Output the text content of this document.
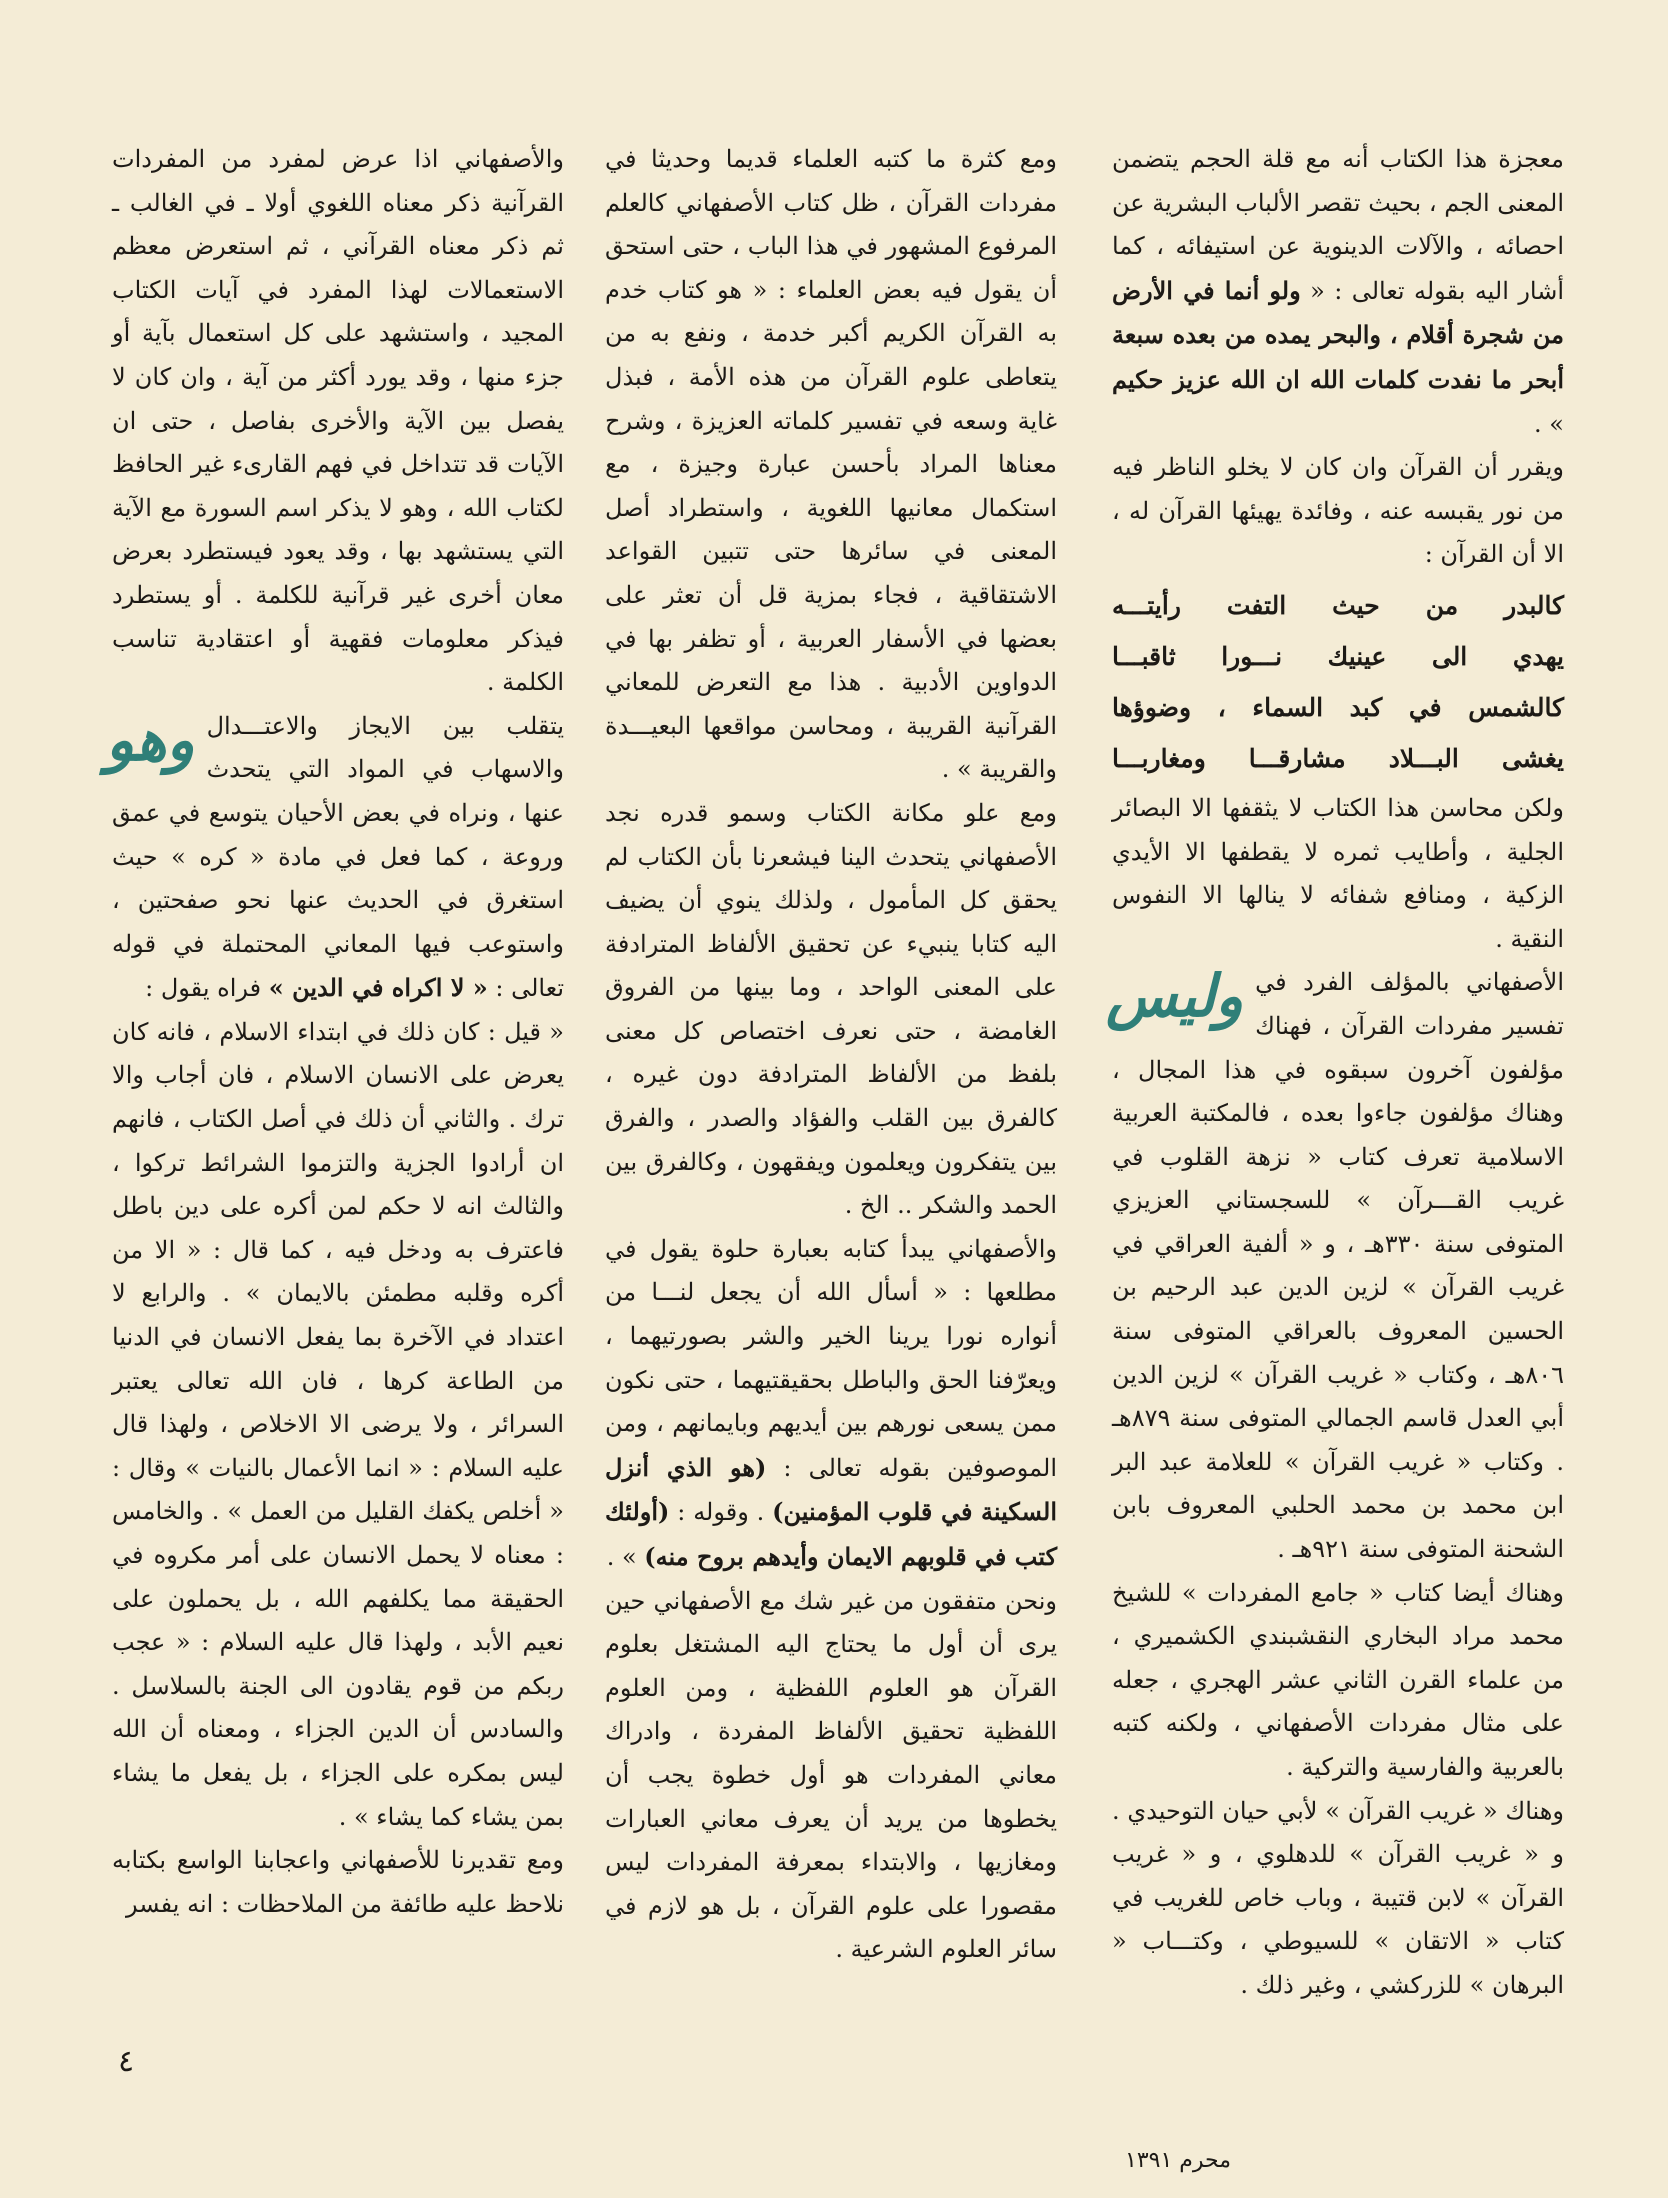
معجزة هذا الكتاب أنه مع قلة الحجم يتضمن المعنى الجم ، بحيث تقصر الألباب البشرية عن احصائه ، والآلات الدينوية عن استيفائه ، كما أشار اليه بقوله تعالى : « ولو أنما في الأرض من شجرة أقلام ، والبحر يمده من بعده سبعة أبحر ما نفدت كلمات الله ان الله عزيز حكيم » .

ويقرر أن القرآن وان كان لا يخلو الناظر فيه من نور يقبسه عنه ، وفائدة يهيئها القرآن له ، الا أن القرآن :

كالبدر من حيث التفت رأيتـــه

يهدي الى عينيك نـــورا ثاقبـــا

كالشمس في كبد السماء ، وضوؤها

يغشى البـــلاد مشارقـــا ومغاربـــا

ولكن محاسن هذا الكتاب لا يثقفها الا البصائر الجلية ، وأطايب ثمره لا يقطفها الا الأيدي الزكية ، ومنافع شفائه لا ينالها الا النفوس النقية .

وليس الأصفهاني بالمؤلف الفرد في تفسير مفردات القرآن ، فهناك مؤلفون آخرون سبقوه في هذا المجال ، وهناك مؤلفون جاءوا بعده ، فالمكتبة العربية الاسلامية تعرف كتاب « نزهة القلوب في غريب القـــرآن » للسجستاني العزيزي المتوفى سنة ٣٣٠هـ ، و « ألفية العراقي في غريب القرآن » لزين الدين عبد الرحيم بن الحسين المعروف بالعراقي المتوفى سنة ٨٠٦هـ ، وكتاب « غريب القرآن » لزين الدين أبي العدل قاسم الجمالي المتوفى سنة ٨٧٩هـ . وكتاب « غريب القرآن » للعلامة عبد البر ابن محمد بن محمد الحلبي المعروف بابن الشحنة المتوفى سنة ٩٢١هـ .

وهناك أيضا كتاب « جامع المفردات » للشيخ محمد مراد البخاري النقشبندي الكشميري ، من علماء القرن الثاني عشر الهجري ، جعله على مثال مفردات الأصفهاني ، ولكنه كتبه بالعربية والفارسية والتركية .

وهناك « غريب القرآن » لأبي حيان التوحيدي . و « غريب القرآن » للدهلوي ، و « غريب القرآن » لابن قتيبة ، وباب خاص للغريب في كتاب « الاتقان » للسيوطي ، وكتـــاب « البرهان » للزركشي ، وغير ذلك .

ومع كثرة ما كتبه العلماء قديما وحديثا في مفردات القرآن ، ظل كتاب الأصفهاني كالعلم المرفوع المشهور في هذا الباب ، حتى استحق أن يقول فيه بعض العلماء : « هو كتاب خدم به القرآن الكريم أكبر خدمة ، ونفع به من يتعاطى علوم القرآن من هذه الأمة ، فبذل غاية وسعه في تفسير كلماته العزيزة ، وشرح معناها المراد بأحسن عبارة وجيزة ، مع استكمال معانيها اللغوية ، واستطراد أصل المعنى في سائرها حتى تتبين القواعد الاشتقاقية ، فجاء بمزية قل أن تعثر على بعضها في الأسفار العربية ، أو تظفر بها في الدواوين الأدبية . هذا مع التعرض للمعاني القرآنية القريبة ، ومحاسن مواقعها البعيـــدة والقريبة » .

ومع علو مكانة الكتاب وسمو قدره نجد الأصفهاني يتحدث الينا فيشعرنا بأن الكتاب لم يحقق كل المأمول ، ولذلك ينوي أن يضيف اليه كتابا ينبيء عن تحقيق الألفاظ المترادفة على المعنى الواحد ، وما بينها من الفروق الغامضة ، حتى نعرف اختصاص كل معنى بلفظ من الألفاظ المترادفة دون غيره ، كالفرق بين القلب والفؤاد والصدر ، والفرق بين يتفكرون ويعلمون ويفقهون ، وكالفرق بين الحمد والشكر .. الخ .

والأصفهاني يبدأ كتابه بعبارة حلوة يقول في مطلعها : « أسأل الله أن يجعل لنـــا من أنواره نورا يرينا الخير والشر بصورتيهما ، ويعرّفنا الحق والباطل بحقيقتيهما ، حتى نكون ممن يسعى نورهم بين أيديهم وبايمانهم ، ومن الموصوفين بقوله تعالى : (هو الذي أنزل السكينة في قلوب المؤمنين) . وقوله : (أولئك كتب في قلوبهم الايمان وأيدهم بروح منه) » .

ونحن متفقون من غير شك مع الأصفهاني حين يرى أن أول ما يحتاج اليه المشتغل بعلوم القرآن هو العلوم اللفظية ، ومن العلوم اللفظية تحقيق الألفاظ المفردة ، وادراك معاني المفردات هو أول خطوة يجب أن يخطوها من يريد أن يعرف معاني العبارات ومغازيها ، والابتداء بمعرفة المفردات ليس مقصورا على علوم القرآن ، بل هو لازم في سائر العلوم الشرعية .

والأصفهاني اذا عرض لمفرد من المفردات القرآنية ذكر معناه اللغوي أولا ـ في الغالب ـ ثم ذكر معناه القرآني ، ثم استعرض معظم الاستعمالات لهذا المفرد في آيات الكتاب المجيد ، واستشهد على كل استعمال بآية أو جزء منها ، وقد يورد أكثر من آية ، وان كان لا يفصل بين الآية والأخرى بفاصل ، حتى ان الآيات قد تتداخل في فهم القارىء غير الحافظ لكتاب الله ، وهو لا يذكر اسم السورة مع الآية التي يستشهد بها ، وقد يعود فيستطرد بعرض معان أخرى غير قرآنية للكلمة . أو يستطرد فيذكر معلومات فقهية أو اعتقادية تناسب الكلمة .

وهو يتقلب بين الايجاز والاعتـــدال والاسهاب في المواد التي يتحدث عنها ، ونراه في بعض الأحيان يتوسع في عمق وروعة ، كما فعل في مادة « كره » حيث استغرق في الحديث عنها نحو صفحتين ، واستوعب فيها المعاني المحتملة في قوله تعالى : « لا اكراه في الدين » فراه يقول :

« قيل : كان ذلك في ابتداء الاسلام ، فانه كان يعرض على الانسان الاسلام ، فان أجاب والا ترك . والثاني أن ذلك في أصل الكتاب ، فانهم ان أرادوا الجزية والتزموا الشرائط تركوا ، والثالث انه لا حكم لمن أكره على دين باطل فاعترف به ودخل فيه ، كما قال : « الا من أكره وقلبه مطمئن بالايمان » . والرابع لا اعتداد في الآخرة بما يفعل الانسان في الدنيا من الطاعة كرها ، فان الله تعالى يعتبر السرائر ، ولا يرضى الا الاخلاص ، ولهذا قال عليه السلام : « انما الأعمال بالنيات » وقال : « أخلص يكفك القليل من العمل » . والخامس : معناه لا يحمل الانسان على أمر مكروه في الحقيقة مما يكلفهم الله ، بل يحملون على نعيم الأبد ، ولهذا قال عليه السلام : « عجب ربكم من قوم يقادون الى الجنة بالسلاسل . والسادس أن الدين الجزاء ، ومعناه أن الله ليس بمكره على الجزاء ، بل يفعل ما يشاء بمن يشاء كما يشاء » .

ومع تقديرنا للأصفهاني واعجابنا الواسع بكتابه نلاحظ عليه طائفة من الملاحظات : انه يفسر

٤
محرم ١٣٩١
